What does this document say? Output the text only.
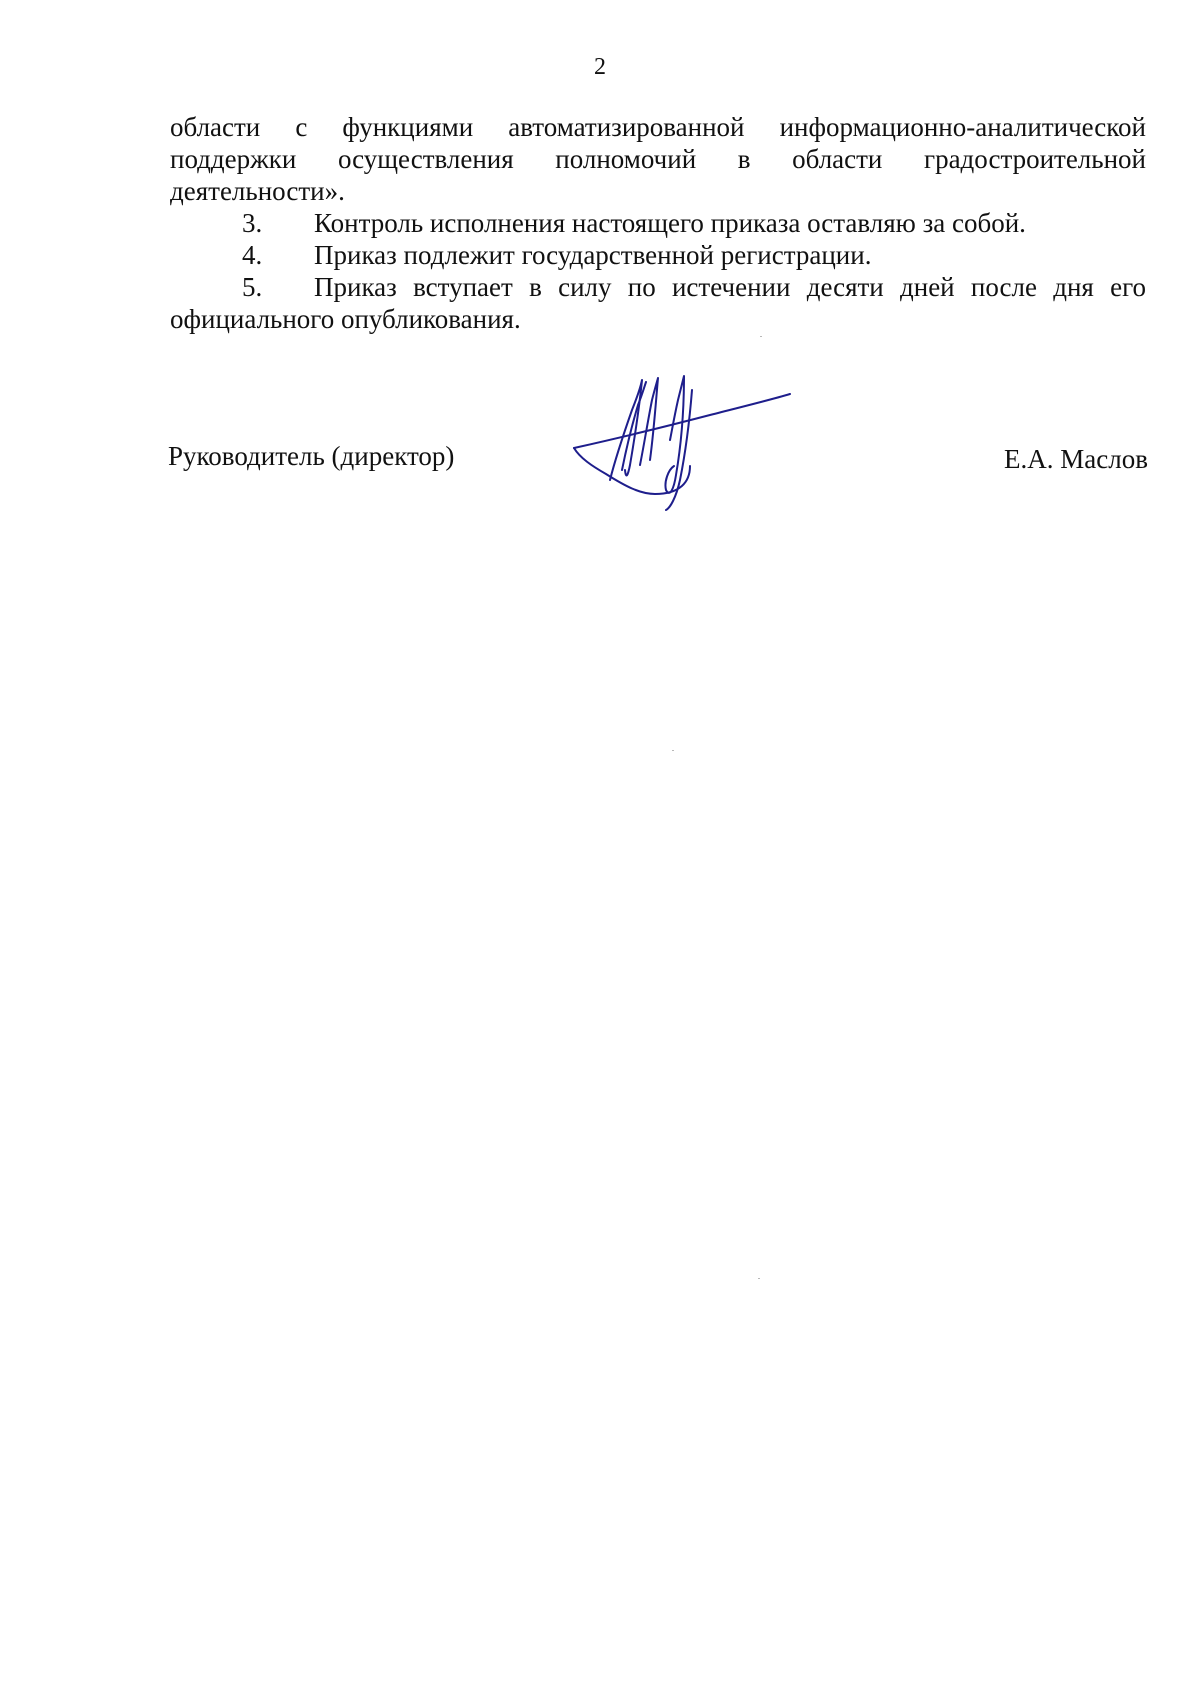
2

области с функциями автоматизированной информационно-аналитической
поддержки осуществления полномочий в области градостроительной
деятельности».

3. Контроль исполнения настоящего приказа оставляю за собой.

4. Приказ подлежит государственной регистрации.

5. Приказ вступает в силу по истечении десяти дней после дня его

официального опубликования.

Руководитель (директор)	Е.А. Маслов
